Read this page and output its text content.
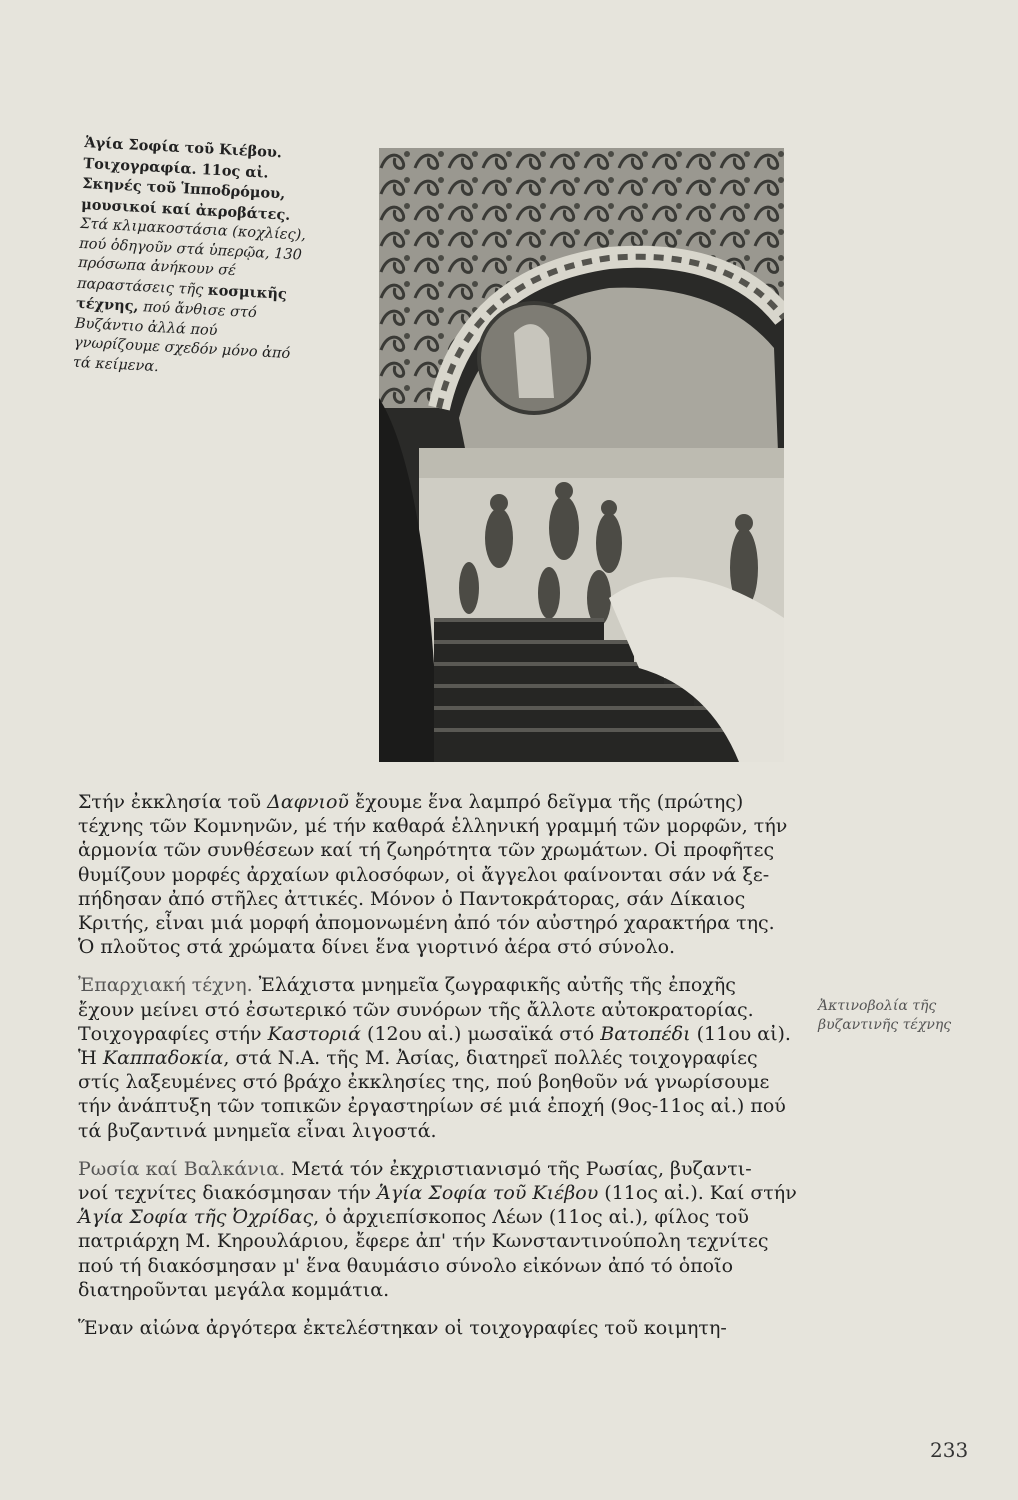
Ἁγία Σοφία τοῦ Κιέβου. Τοιχογραφία. 11ος αἰ. Σκηνές τοῦ Ἱπποδρόμου, μουσικοί καί ἀκροβάτες. Στά κλιμακοστάσια (κοχλίες), πού ὁδηγοῦν στά ὑπερῷα, 130 πρόσωπα ἀνήκουν σέ παραστάσεις τῆς κοσμικῆς τέχνης, πού ἄνθισε στό Βυζάντιο ἀλλά πού γνωρίζουμε σχεδόν μόνο ἀπό τά κείμενα.

Στήν ἐκκλησία τοῦ Δαφνιοῦ ἔχουμε ἕνα λαμπρό δεῖγμα τῆς (πρώτης)
τέχνης τῶν Κομνηνῶν, μέ τήν καθαρά ἑλληνική γραμμή τῶν μορφῶν, τήν
ἁρμονία τῶν συνθέσεων καί τή ζωηρότητα τῶν χρωμάτων. Οἱ προφῆτες
θυμίζουν μορφές ἀρχαίων φιλοσόφων, οἱ ἄγγελοι φαίνονται σάν νά ξε-
πήδησαν ἀπό στῆλες ἀττικές. Μόνον ὁ Παντοκράτορας, σάν Δίκαιος
Κριτής, εἶναι μιά μορφή ἀπομονωμένη ἀπό τόν αὐστηρό χαρακτήρα της.
Ὁ πλοῦτος στά χρώματα δίνει ἕνα γιορτινό ἀέρα στό σύνολο.

Ἐπαρχιακή τέχνη. Ἐλάχιστα μνημεῖα ζωγραφικῆς αὐτῆς τῆς ἐποχῆς
ἔχουν μείνει στό ἐσωτερικό τῶν συνόρων τῆς ἄλλοτε αὐτοκρατορίας.
Τοιχογραφίες στήν Καστοριά (12ου αἰ.) μωσαϊκά στό Βατοπέδι (11ου αἰ).
Ἡ Καππαδοκία, στά Ν.Α. τῆς Μ. Ἀσίας, διατηρεῖ πολλές τοιχογραφίες
στίς λαξευμένες στό βράχο ἐκκλησίες της, πού βοηθοῦν νά γνωρίσουμε
τήν ἀνάπτυξη τῶν τοπικῶν ἐργαστηρίων σέ μιά ἐποχή (9ος-11ος αἰ.) πού
τά βυζαντινά μνημεῖα εἶναι λιγοστά.

Ρωσία καί Βαλκάνια. Μετά τόν ἐκχριστιανισμό τῆς Ρωσίας, βυζαντι-
νοί τεχνίτες διακόσμησαν τήν Ἁγία Σοφία τοῦ Κιέβου (11ος αἰ.). Καί στήν
Ἁγία Σοφία τῆς Ὀχρίδας, ὁ ἀρχιεπίσκοπος Λέων (11ος αἰ.), φίλος τοῦ
πατριάρχη Μ. Κηρουλάριου, ἔφερε ἀπ' τήν Κωνσταντινούπολη τεχνίτες
πού τή διακόσμησαν μ' ἕνα θαυμάσιο σύνολο εἰκόνων ἀπό τό ὁποῖο
διατηροῦνται μεγάλα κομμάτια.

Ἕναν αἰώνα ἀργότερα ἐκτελέστηκαν οἱ τοιχογραφίες τοῦ κοιμητη-

Ἀκτινοβολία τῆς βυζαντινῆς τέχνης
233
